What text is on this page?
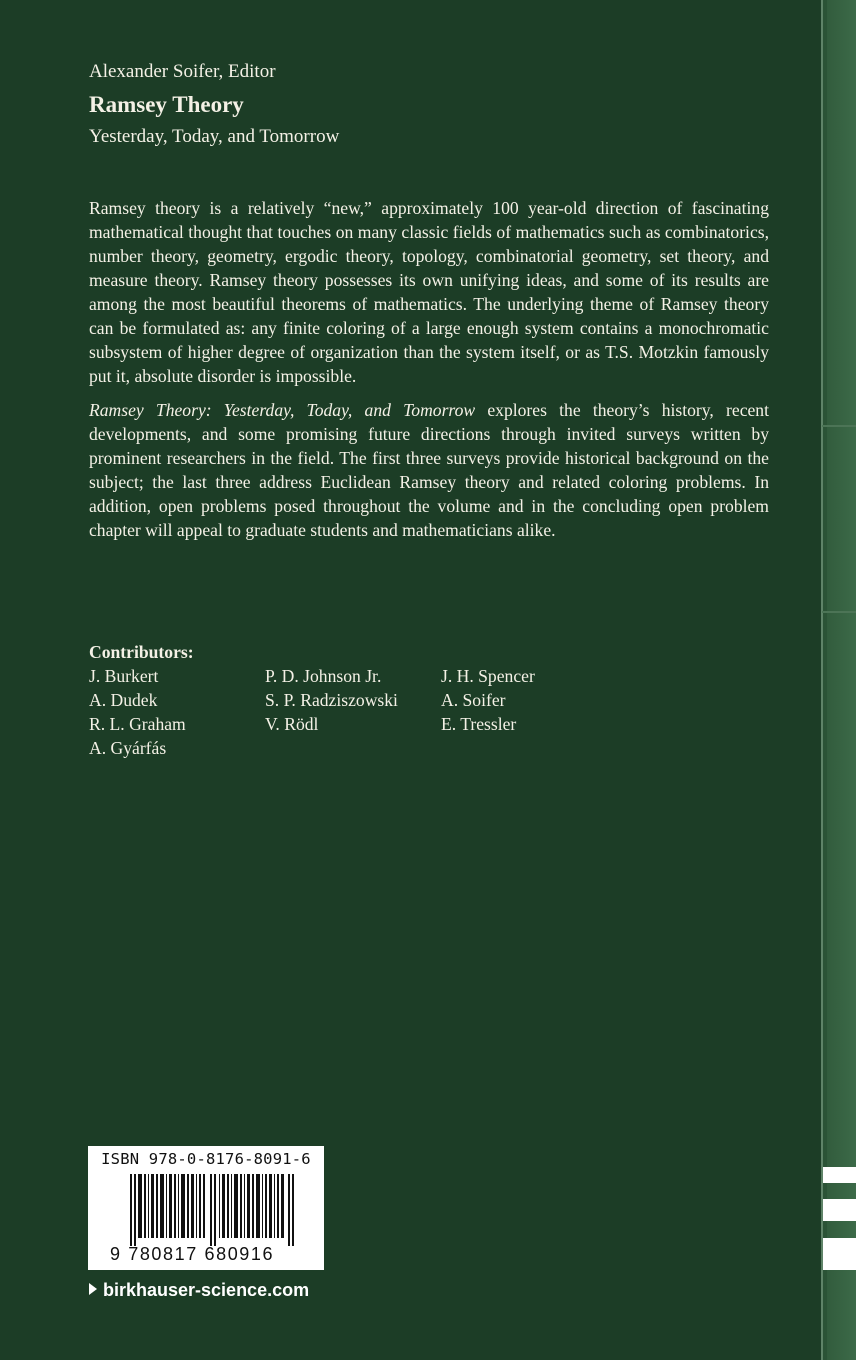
Alexander Soifer, Editor

Ramsey Theory

Yesterday, Today, and Tomorrow

Ramsey theory is a relatively “new,” approximately 100 year-old direction of fascinating mathematical thought that touches on many classic fields of mathematics such as combinatorics, number theory, geometry, ergodic theory, topology, combinatorial geometry, set theory, and measure theory. Ramsey theory possesses its own unifying ideas, and some of its results are among the most beautiful theorems of mathematics. The underlying theme of Ramsey theory can be formulated as: any finite coloring of a large enough system contains a monochromatic subsystem of higher degree of organization than the system itself, or as T.S. Motzkin famously put it, absolute disorder is impossible.

Ramsey Theory: Yesterday, Today, and Tomorrow explores the theory’s history, recent developments, and some promising future directions through invited surveys written by prominent researchers in the field. The first three surveys provide historical background on the subject; the last three address Euclidean Ramsey theory and related coloring problems. In addition, open problems posed throughout the volume and in the concluding open problem chapter will appeal to graduate students and mathematicians alike.

Contributors:

J. Burkert
A. Dudek
R. L. Graham
A. Gyárfás
P. D. Johnson Jr.
S. P. Radziszowski
V. Rödl
J. H. Spencer
A. Soifer
E. Tressler
ISBN 978-0-8176-8091-6
9 780817 680916
birkhauser-science.com
